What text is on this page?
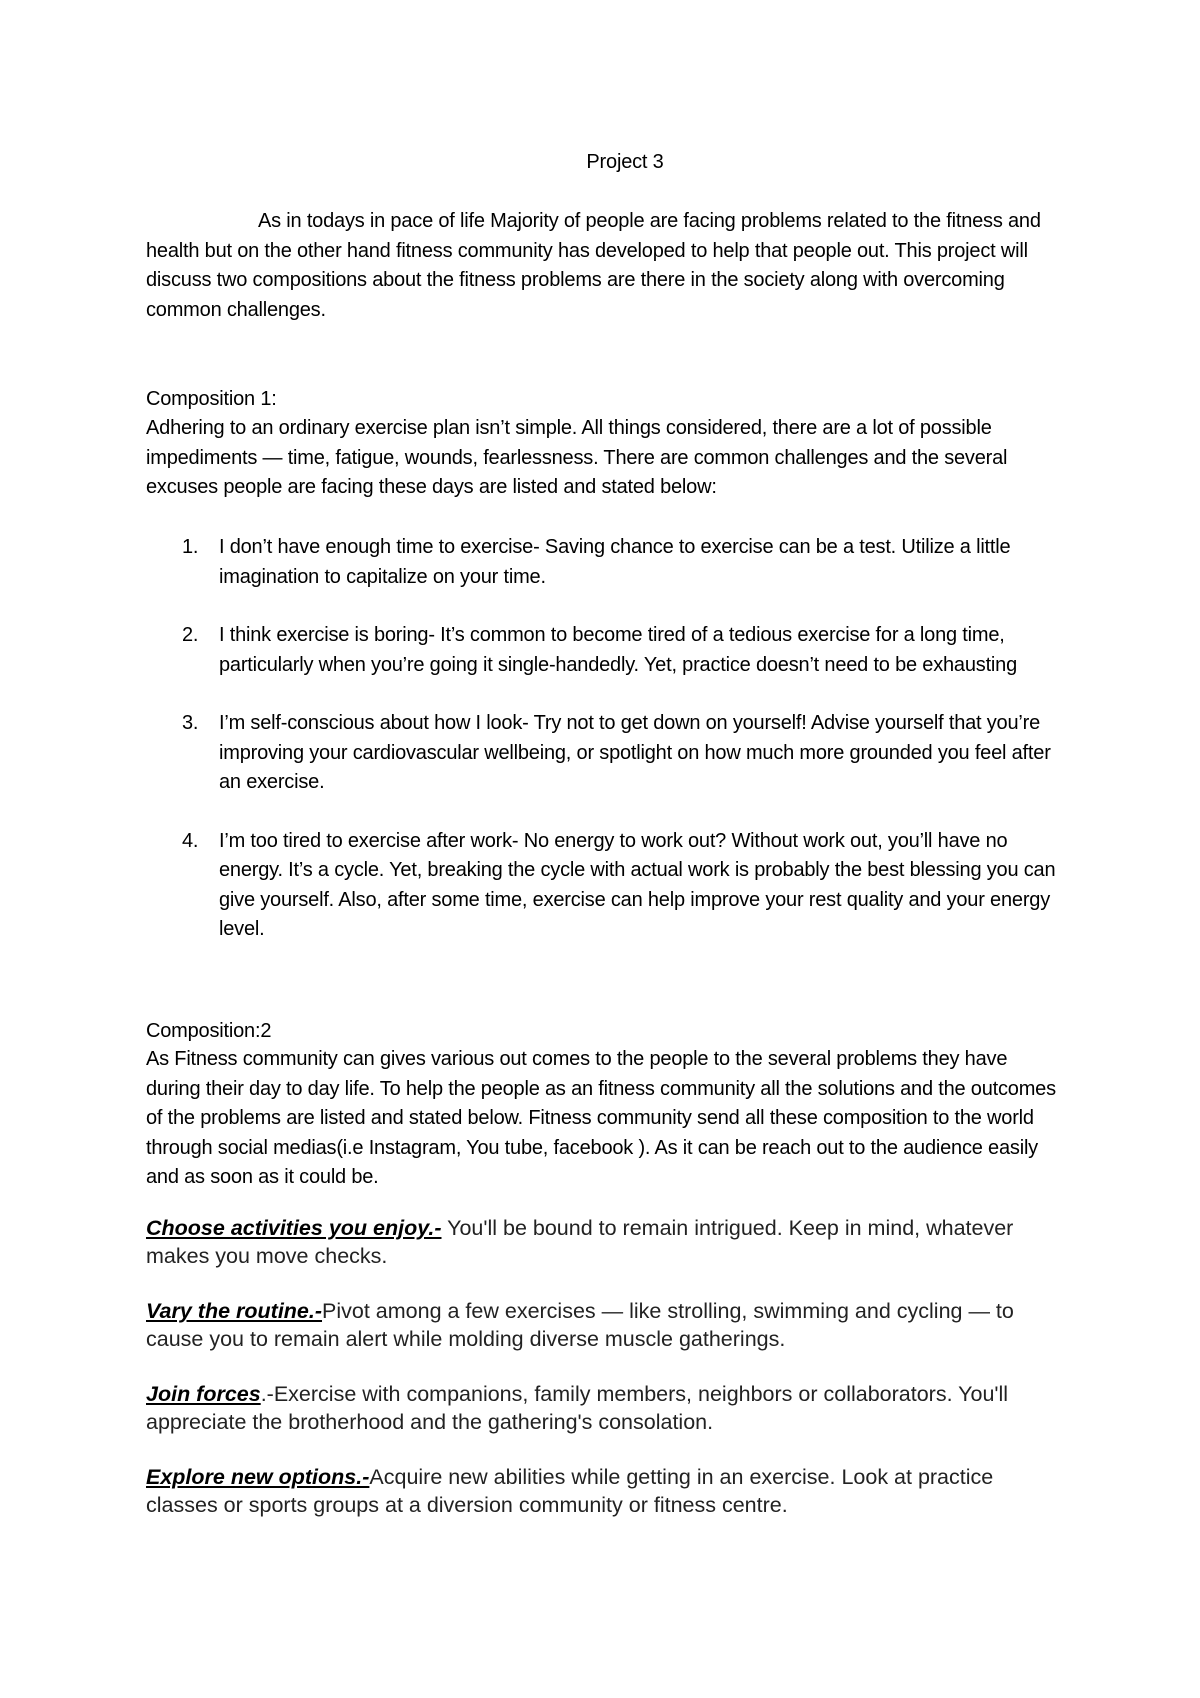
Project 3

As in todays in pace of life Majority of people are facing problems related to the fitness and health but on the other hand fitness community has developed to help that people out. This project will discuss two compositions about the fitness problems are there in the society along with overcoming common challenges.

Composition 1:

Adhering to an ordinary exercise plan isn’t simple. All things considered, there are a lot of possible impediments — time, fatigue, wounds, fearlessness. There are common challenges and the several excuses people are facing these days are listed and stated below:

1. I don’t have enough time to exercise- Saving chance to exercise can be a test. Utilize a little imagination to capitalize on your time.
2. I think exercise is boring- It’s common to become tired of a tedious exercise for a long time, particularly when you’re going it single-handedly. Yet, practice doesn’t need to be exhausting
3. I’m self-conscious about how I look- Try not to get down on yourself! Advise yourself that you’re improving your cardiovascular wellbeing, or spotlight on how much more grounded you feel after an exercise.
4. I’m too tired to exercise after work- No energy to work out? Without work out, you’ll have no energy. It’s a cycle. Yet, breaking the cycle with actual work is probably the best blessing you can give yourself. Also, after some time, exercise can help improve your rest quality and your energy level.

Composition:2

As Fitness community can gives various out comes to the people to the several problems they have during their day to day life. To help the people as an fitness community all the solutions and the outcomes of the problems are listed and stated below. Fitness community send all these composition to the world through social medias(i.e Instagram, You tube, facebook ). As it can be reach out to the audience easily and as soon as it could be.

Choose activities you enjoy.- You'll be bound to remain intrigued. Keep in mind, whatever makes you move checks.

Vary the routine.-Pivot among a few exercises — like strolling, swimming and cycling — to cause you to remain alert while molding diverse muscle gatherings.

Join forces.-Exercise with companions, family members, neighbors or collaborators. You'll appreciate the brotherhood and the gathering's consolation.

Explore new options.-Acquire new abilities while getting in an exercise. Look at practice classes or sports groups at a diversion community or fitness centre.
